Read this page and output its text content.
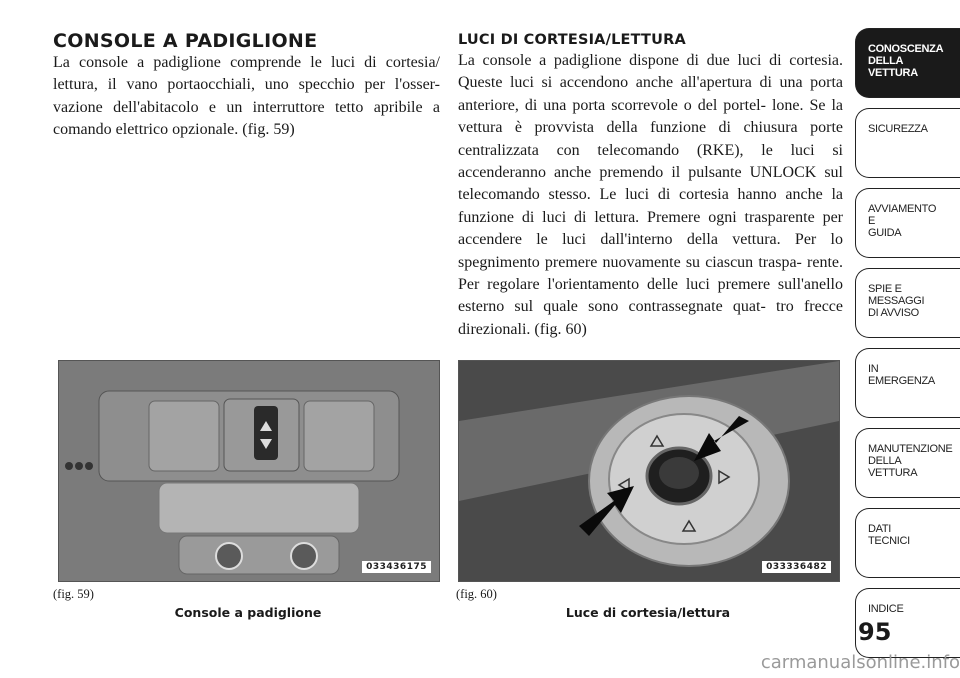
CONSOLE A PADIGLIONE

La console a padiglione comprende le luci di cortesia/ lettura, il vano portaocchiali, uno specchio per l'osser- vazione dell'abitacolo e un interruttore tetto apribile a comando elettrico opzionale. (fig. 59)

LUCI DI CORTESIA/LETTURA

La console a padiglione dispone di due luci di cortesia. Queste luci si accendono anche all'apertura di una porta anteriore, di una porta scorrevole o del portel- lone. Se la vettura è provvista della funzione di chiusura porte centralizzata con telecomando (RKE), le luci si accenderanno anche premendo il pulsante UNLOCK sul telecomando stesso. Le luci di cortesia hanno anche la funzione di luci di lettura. Premere ogni trasparente per accendere le luci dall'interno della vettura. Per lo spegnimento premere nuovamente su ciascun traspa- rente. Per regolare l'orientamento delle luci premere sull'anello esterno sul quale sono contrassegnate quat- tro frecce direzionali. (fig. 60)

033436175
(fig. 59)
Console a padiglione
033336482
(fig. 60)
Luce di cortesia/lettura
CONOSCENZA
DELLA
VETTURA
SICUREZZA
AVVIAMENTO
E
GUIDA
SPIE E
MESSAGGI
DI AVVISO
IN
EMERGENZA
MANUTENZIONE
DELLA
VETTURA
DATI
TECNICI
INDICE
95
carmanualsonline.info
